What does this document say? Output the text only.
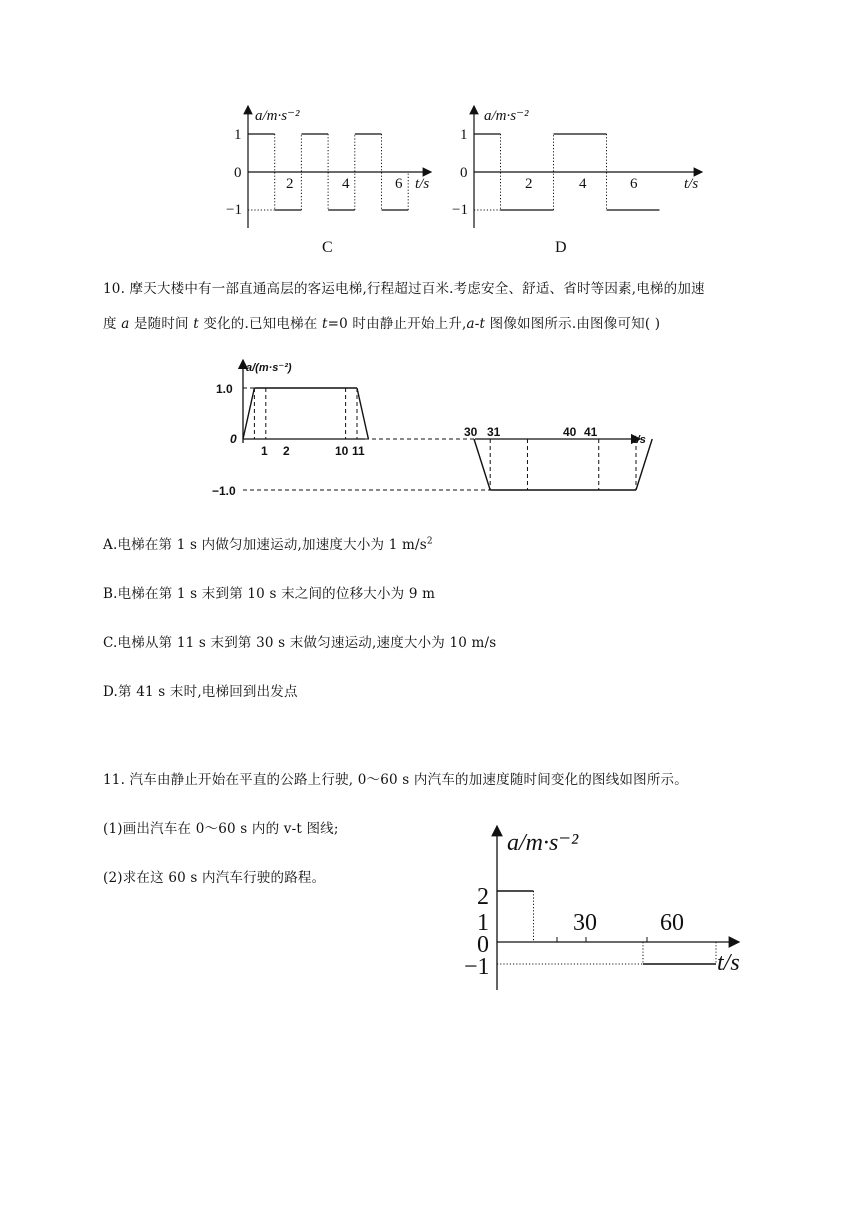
a/m·s⁻²
t/s
1
0
−1
2	4	6
C
a/m·s⁻²
t/s
1
0
−1
2	4	6
D
10. 摩天大楼中有一部直通高层的客运电梯,行程超过百米.考虑安全、舒适、省时等因素,电梯的加速
度 a 是随时间 t 变化的.已知电梯在 t=0 时由静止开始上升,a-t 图像如图所示.由图像可知( )
a/(m·s⁻²)
t/s
1.0
0
−1.0
1 2	10 11
30 31	40 41
A.电梯在第 1 s 内做匀加速运动,加速度大小为 1 $m/s^2$
B.电梯在第 1 s 末到第 10 s 末之间的位移大小为 9 m
C.电梯从第 11 s 末到第 30 s 末做匀速运动,速度大小为 10 m/s
D.第 41 s 末时,电梯回到出发点
11. 汽车由静止开始在平直的公路上行驶, 0～60 s 内汽车的加速度随时间变化的图线如图所示。
(1)画出汽车在 0～60 s 内的 v-t 图线;
(2)求在这 60 s 内汽车行驶的路程。
a/m·s⁻²
t/s
2
1
0
−1
30	60
